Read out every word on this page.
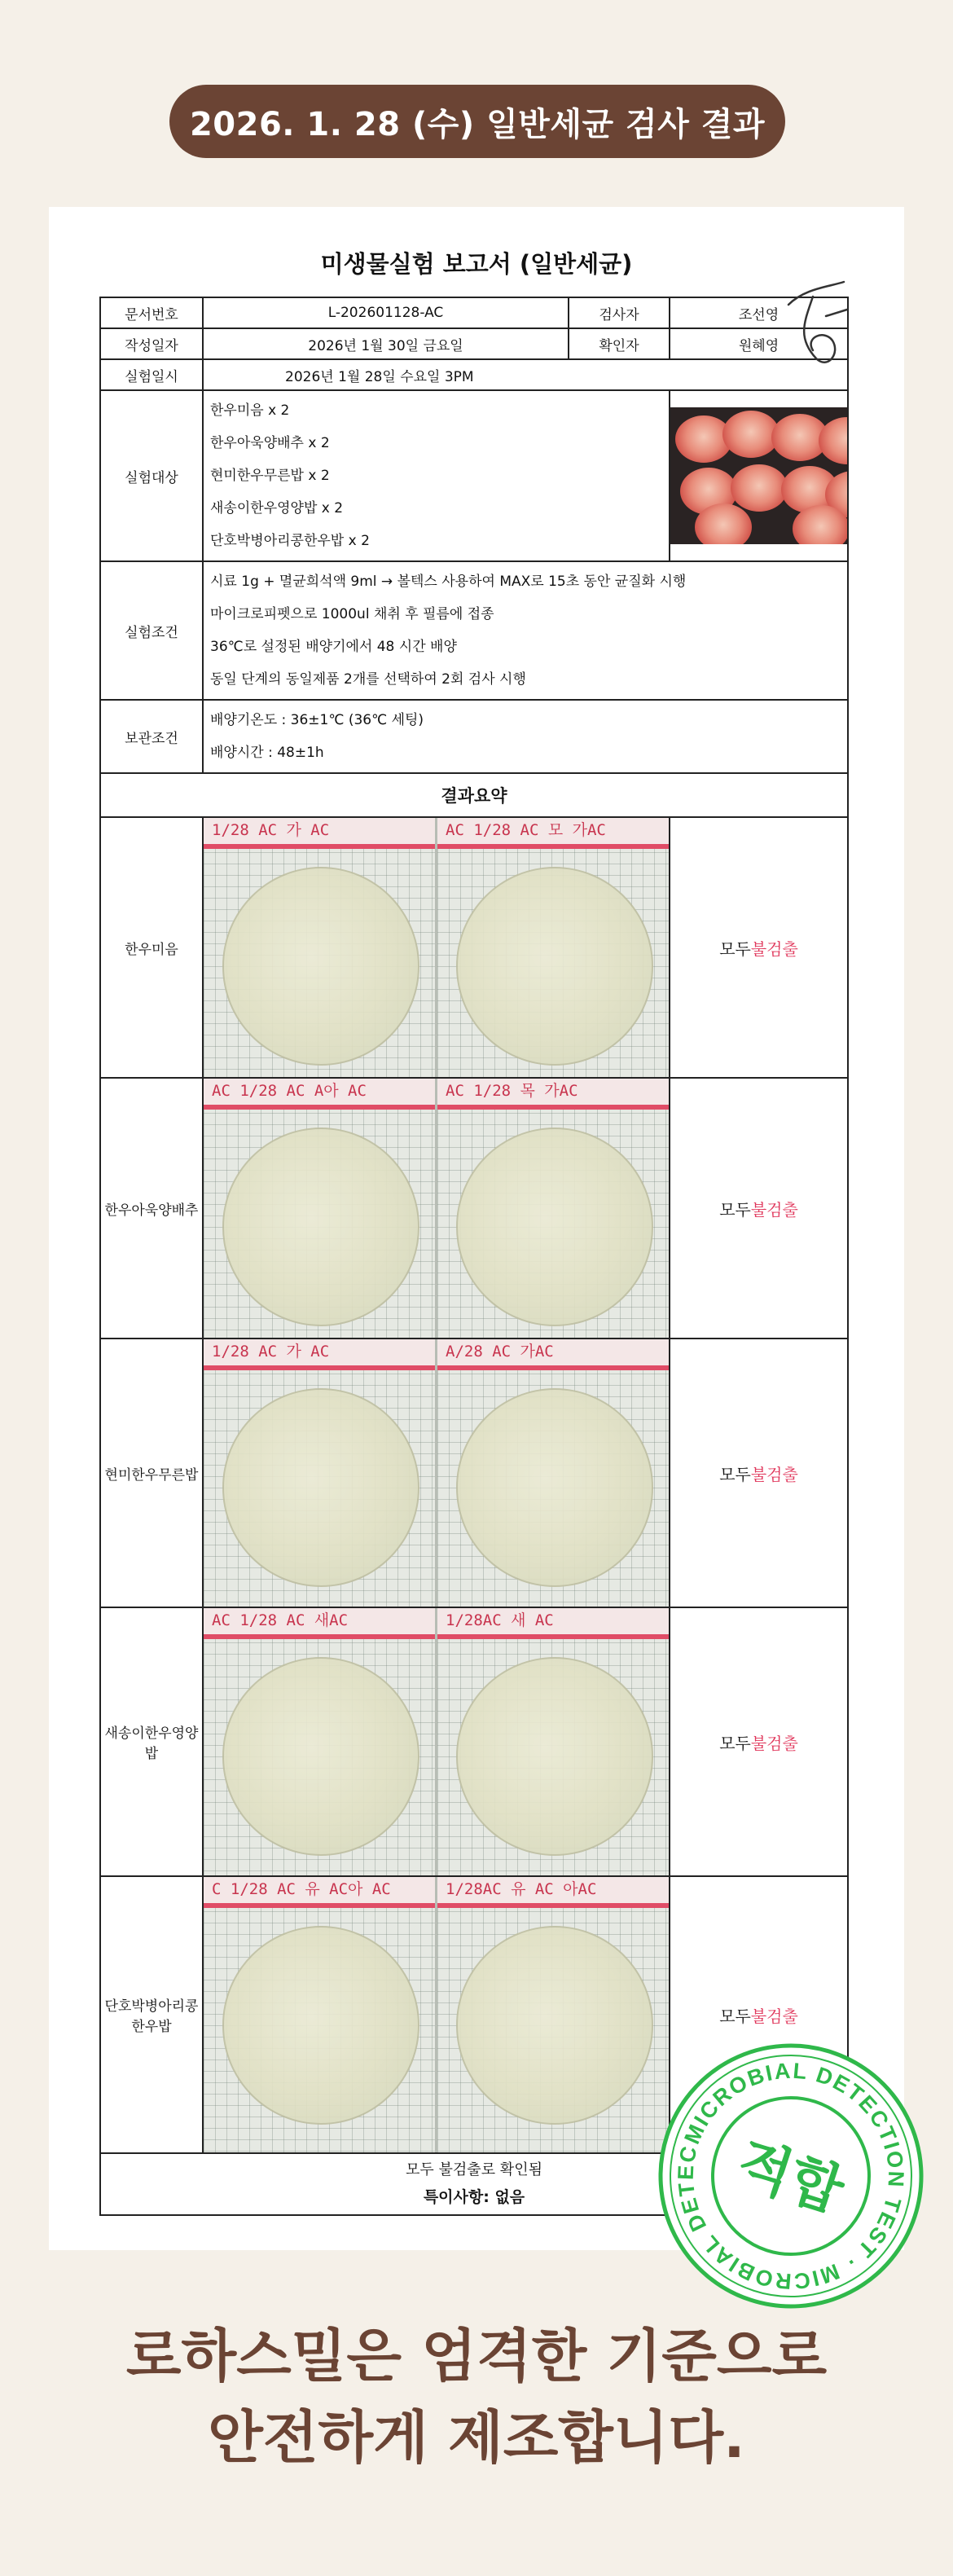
2026. 1. 28 (수) 일반세균 검사 결과
미생물실험 보고서 (일반세균)
문서번호	L-202601128-AC	검사자	조선영
작성일자	2026년 1월 30일 금요일	확인자	원혜영
실험일시	2026년 1월 28일 수요일 3PM		
실험대상	한우미음 x 2
한우아욱양배추 x 2
현미한우무른밥 x 2
새송이한우영양밥 x 2
단호박병아리콩한우밥 x 2		

실험조건	시료 1g + 멸균희석액 9ml → 볼텍스 사용하여 MAX로 15초 동안 균질화 시행
마이크로피펫으로 1000ul 채취 후 필름에 접종
36℃로 설정된 배양기에서 48 시간 배양
동일 단계의 동일제품 2개를 선택하여 2회 검사 시행		

보관조건	배양기온도 : 36±1℃ (36℃ 세팅)
배양시간 : 48±1h		

결과요약			
한우미음	1/28 AC 가 AC AC 1/28 AC 모 가AC		모두불검출
한우아욱양배추	AC 1/28 AC A아 AC AC 1/28 목 가AC		모두불검출
현미한우무른밥	1/28 AC 가 AC A/28 AC 가AC		모두불검출
새송이한우영양밥	AC 1/28 AC 새AC 1/28AC 새 AC		모두불검출
단호박병아리콩한우밥	C 1/28 AC 유 AC아 AC 1/28AC 유 AC 아AC		모두불검출

모두 불검출로 확인됨
특이사항: 없음			
MICROBIAL DETECTION TEST · MICROBIAL DETECTION
적합
로하스밀은 엄격한 기준으로
안전하게 제조합니다.
